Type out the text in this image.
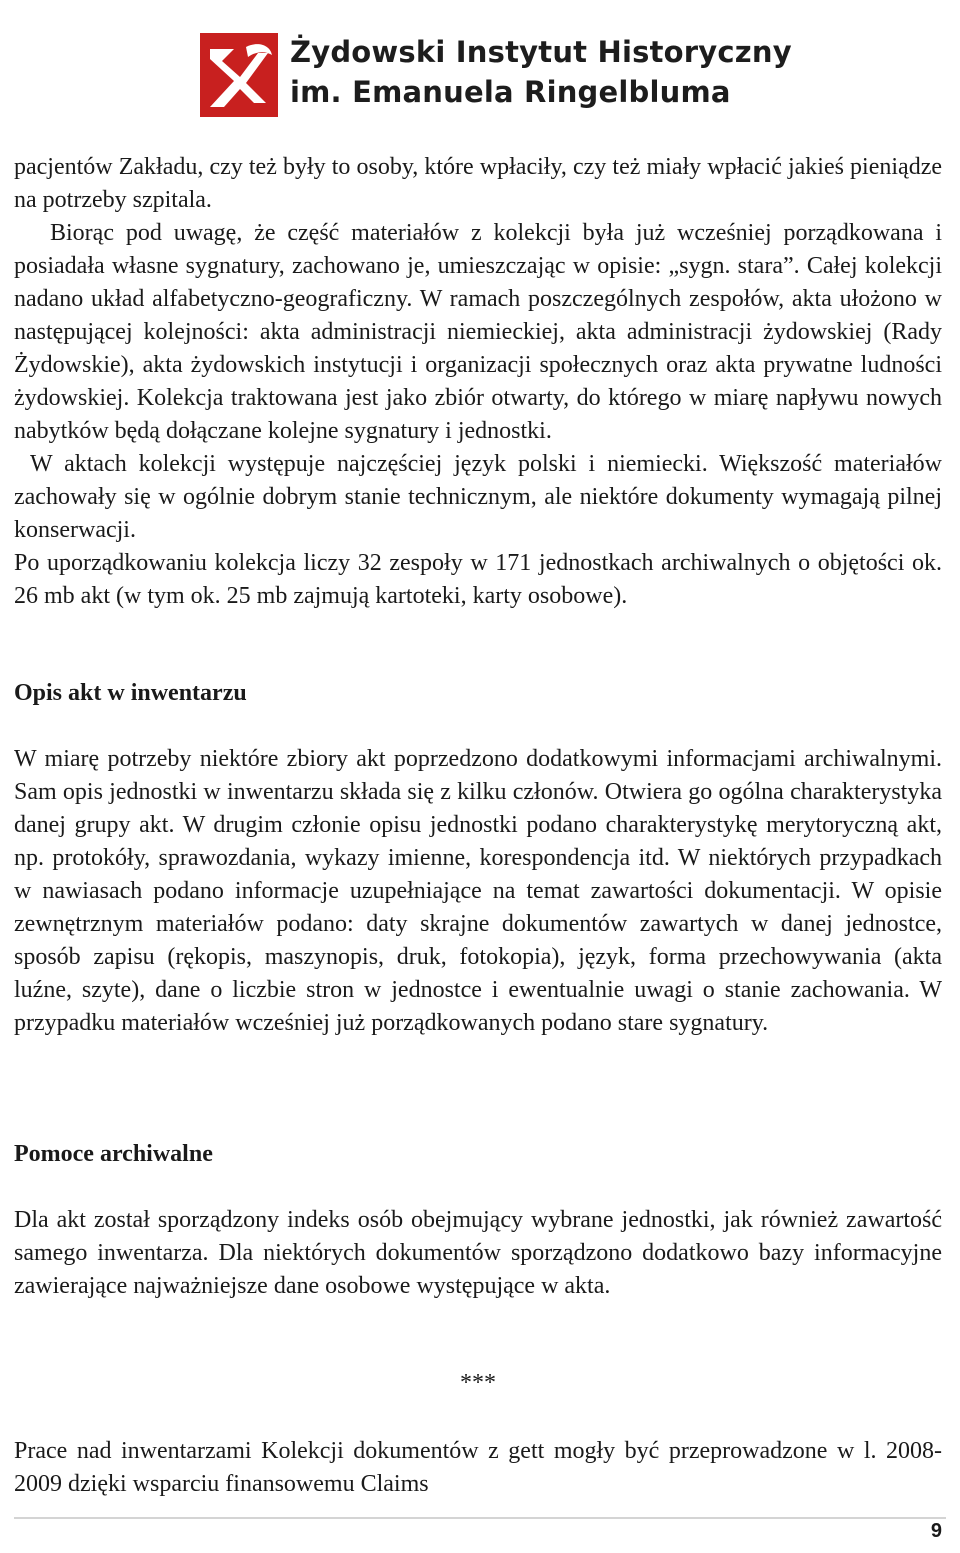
Żydowski Instytut Historyczny
im. Emanuela Ringelbluma

pacjentów Zakładu, czy też były to osoby, które wpłaciły, czy też miały wpłacić jakieś pieniądze na potrzeby szpitala.

Biorąc pod uwagę, że część materiałów z kolekcji była już wcześniej porządkowana i posiadała własne sygnatury, zachowano je, umieszczając w opisie: „sygn. stara”. Całej kolekcji nadano układ alfabetyczno-geograficzny. W ramach poszczególnych zespołów, akta ułożono w następującej kolejności: akta administracji niemieckiej, akta administracji żydowskiej (Rady Żydowskie), akta żydowskich instytucji i organizacji społecznych oraz akta prywatne ludności żydowskiej. Kolekcja traktowana jest jako zbiór otwarty, do którego w miarę napływu nowych nabytków będą dołączane kolejne sygnatury i jednostki.

W aktach kolekcji występuje najczęściej język polski i niemiecki. Większość materiałów zachowały się w ogólnie dobrym stanie technicznym, ale niektóre dokumenty wymagają pilnej konserwacji.

Po uporządkowaniu kolekcja liczy 32 zespoły w 171 jednostkach archiwalnych o objętości ok. 26 mb akt (w tym ok. 25 mb zajmują kartoteki, karty osobowe).

Opis akt w inwentarzu

W miarę potrzeby niektóre zbiory akt poprzedzono dodatkowymi informacjami archiwalnymi. Sam opis jednostki w inwentarzu składa się z kilku członów. Otwiera go ogólna charakterystyka danej grupy akt. W drugim członie opisu jednostki podano charakterystykę merytoryczną akt, np. protokóły, sprawozdania, wykazy imienne, korespondencja itd. W niektórych przypadkach w nawiasach podano informacje uzupełniające na temat zawartości dokumentacji. W opisie zewnętrznym materiałów podano: daty skrajne dokumentów zawartych w danej jednostce, sposób zapisu (rękopis, maszynopis, druk, fotokopia), język, forma przechowywania (akta luźne, szyte), dane o liczbie stron w jednostce i ewentualnie uwagi o stanie zachowania. W przypadku materiałów wcześniej już porządkowanych podano stare sygnatury.

Pomoce archiwalne

Dla akt został sporządzony indeks osób obejmujący wybrane jednostki, jak również zawartość samego inwentarza. Dla niektórych dokumentów sporządzono dodatkowo bazy informacyjne zawierające najważniejsze dane osobowe występujące w akta.

***

Prace nad inwentarzami Kolekcji dokumentów z gett mogły być przeprowadzone w l. 2008-2009 dzięki wsparciu finansowemu Claims

9
